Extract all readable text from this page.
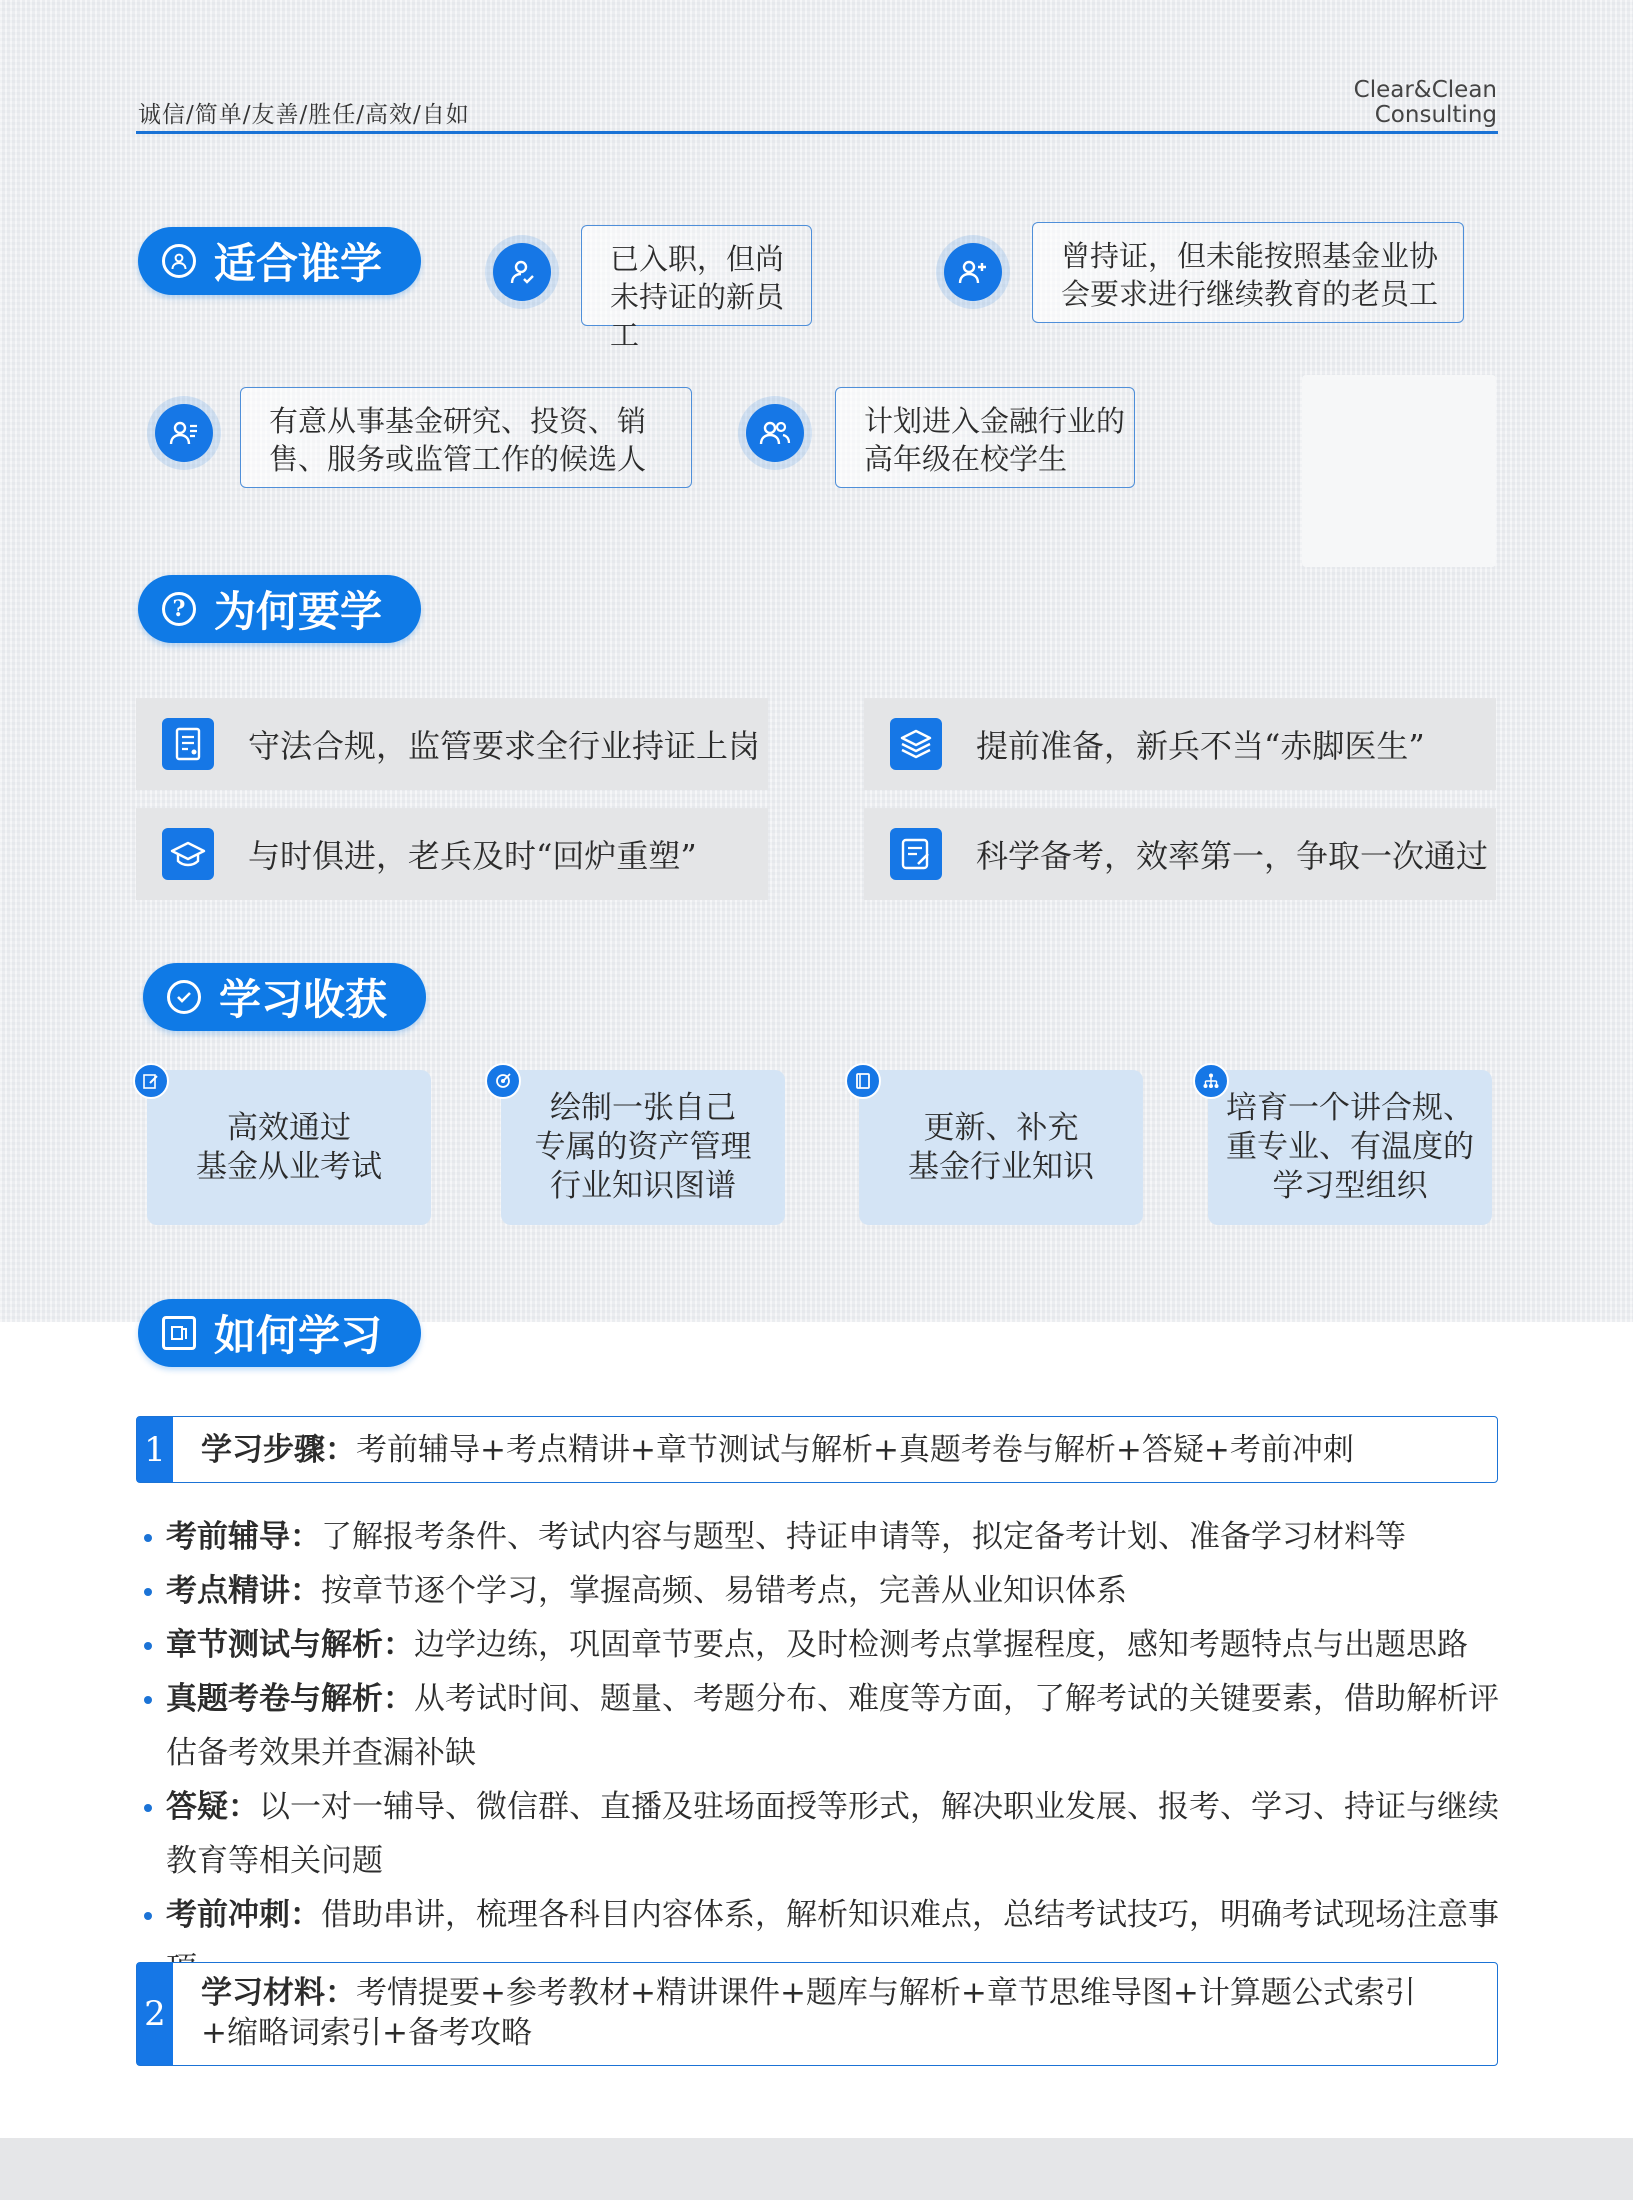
诚信/简单/友善/胜任/高效/自如
Clear&Clean
Consulting
适合谁学	已入职，但尚未持证的新员工
曾持证，但未能按照基金业协会要求进行继续教育的老员工
有意从事基金研究、投资、销售、服务或监管工作的候选人
计划进入金融行业的高年级在校学生
? 为何要学
守法合规，监管要求全行业持证上岗	提前准备，新兵不当“赤脚医生”
与时俱进，老兵及时“回炉重塑”	科学备考，效率第一，争取一次通过
学习收获
高效通过
基金从业考试
绘制一张自己
专属的资产管理
行业知识图谱
更新、补充
基金行业知识
培育一个讲合规、
重专业、有温度的
学习型组织
如何学习
1 学习步骤：考前辅导+考点精讲+章节测试与解析+真题考卷与解析+答疑+考前冲刺
考前辅导：了解报考条件、考试内容与题型、持证申请等，拟定备考计划、准备学习材料等
考点精讲：按章节逐个学习，掌握高频、易错考点，完善从业知识体系
章节测试与解析：边学边练，巩固章节要点，及时检测考点掌握程度，感知考题特点与出题思路
真题考卷与解析：从考试时间、题量、考题分布、难度等方面，了解考试的关键要素，借助解析评估备考效果并查漏补缺
答疑：以一对一辅导、微信群、直播及驻场面授等形式，解决职业发展、报考、学习、持证与继续教育等相关问题
考前冲刺：借助串讲，梳理各科目内容体系，解析知识难点，总结考试技巧，明确考试现场注意事
2
学习材料：考情提要+参考教材+精讲课件+题库与解析+章节思维导图+计算题公式索引+缩略词索引+备考攻略
